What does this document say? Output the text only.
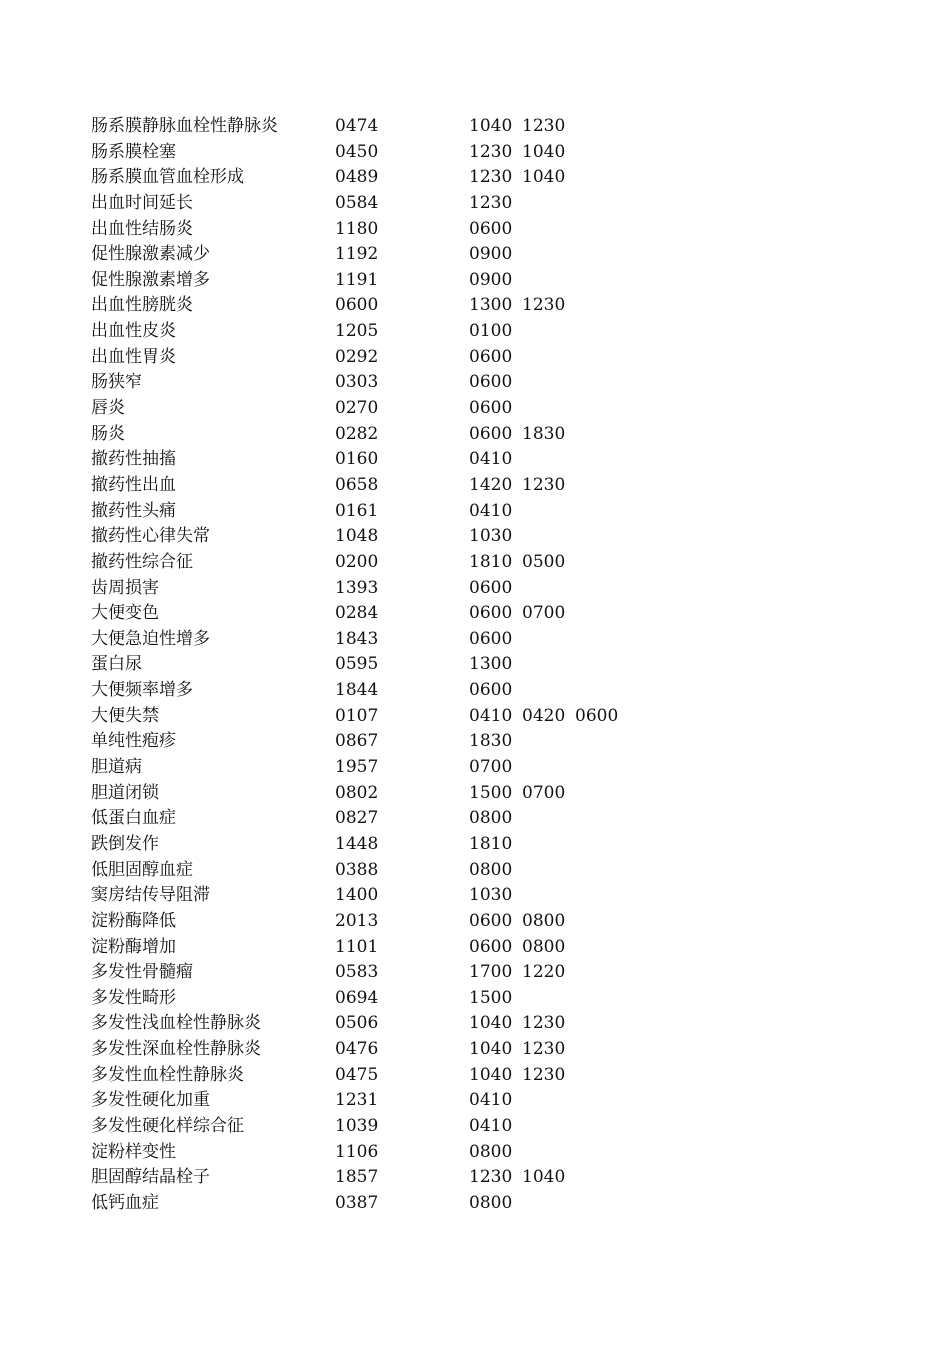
肠系膜静脉血栓性静脉炎	0474	1040 1230
肠系膜栓塞	0450	1230 1040
肠系膜血管血栓形成	0489	1230 1040
出血时间延长	0584	1230
出血性结肠炎	1180	0600
促性腺激素减少	1192	0900
促性腺激素增多	1191	0900
出血性膀胱炎	0600	1300 1230
出血性皮炎	1205	0100
出血性胃炎	0292	0600
肠狭窄	0303	0600
唇炎	0270	0600
肠炎	0282	0600 1830
撤药性抽搐	0160	0410
撤药性出血	0658	1420 1230
撤药性头痛	0161	0410
撤药性心律失常	1048	1030
撤药性综合征	0200	1810 0500
齿周损害	1393	0600
大便变色	0284	0600 0700
大便急迫性增多	1843	0600
蛋白尿	0595	1300
大便频率增多	1844	0600
大便失禁	0107	0410 0420 0600
单纯性疱疹	0867	1830
胆道病	1957	0700
胆道闭锁	0802	1500 0700
低蛋白血症	0827	0800
跌倒发作	1448	1810
低胆固醇血症	0388	0800
窦房结传导阻滞	1400	1030
淀粉酶降低	2013	0600 0800
淀粉酶增加	1101	0600 0800
多发性骨髓瘤	0583	1700 1220
多发性畸形	0694	1500
多发性浅血栓性静脉炎	0506	1040 1230
多发性深血栓性静脉炎	0476	1040 1230
多发性血栓性静脉炎	0475	1040 1230
多发性硬化加重	1231	0410
多发性硬化样综合征	1039	0410
淀粉样变性	1106	0800
胆固醇结晶栓子	1857	1230 1040
低钙血症	0387	0800
